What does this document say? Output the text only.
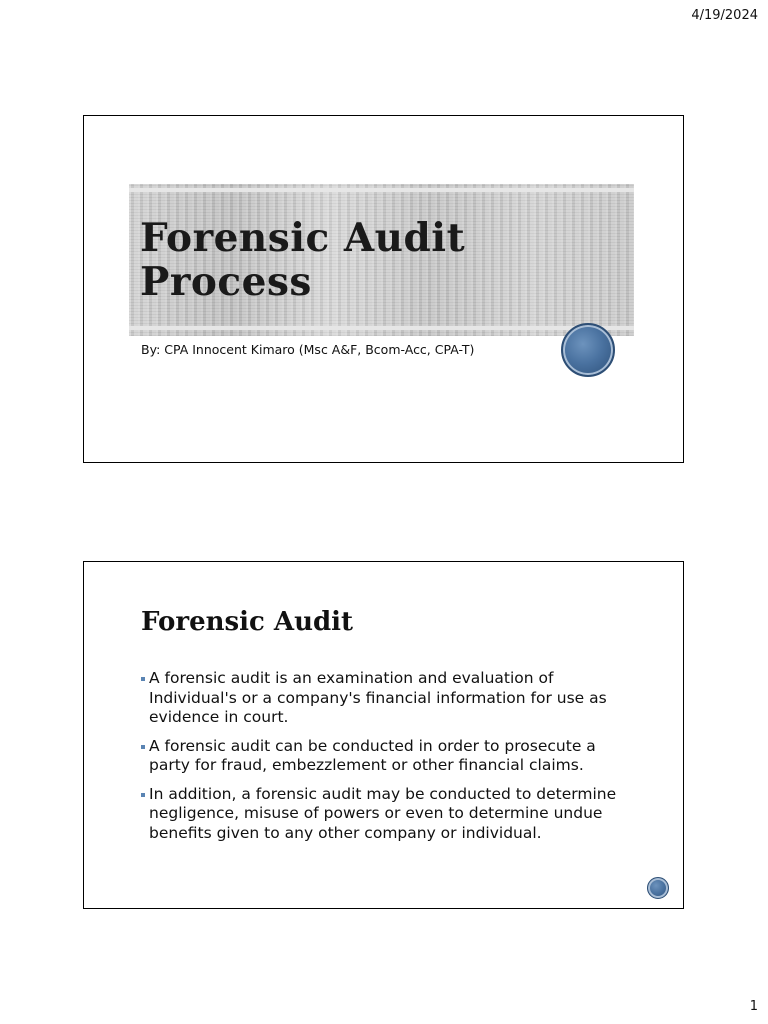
4/19/2024
Forensic Audit
Process
By: CPA Innocent Kimaro (Msc A&F, Bcom-Acc, CPA-T)
Forensic Audit
A forensic audit is an examination and evaluation of Individual's or a company's financial information for use as evidence in court.
A forensic audit can be conducted in order to prosecute a party for fraud, embezzlement or other financial claims.
In addition, a forensic audit may be conducted to determine negligence, misuse of powers or even to determine undue benefits given to any other company or individual.
1
